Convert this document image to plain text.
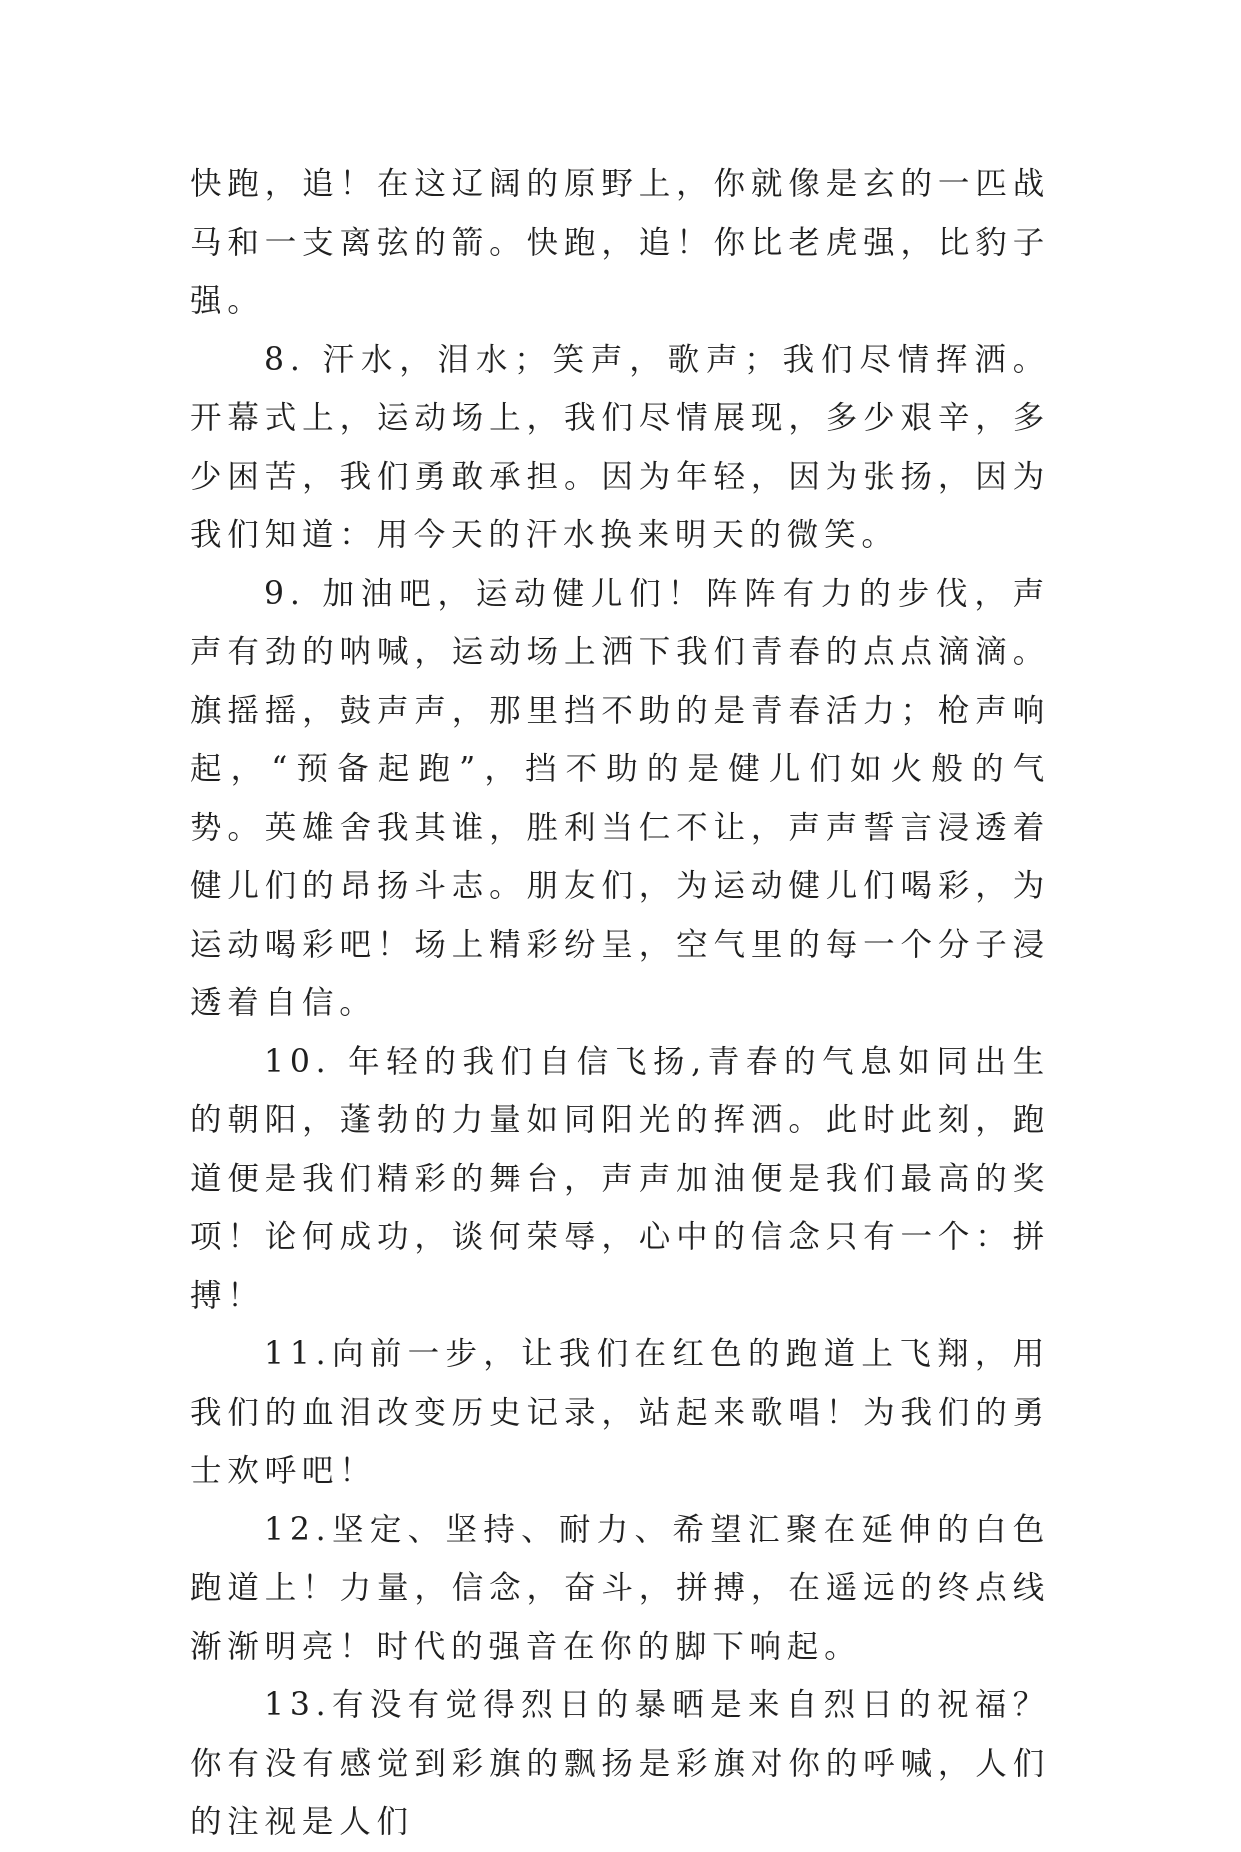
快跑，追！在这辽阔的原野上，你就像是玄的一匹战马和一支离弦的箭。快跑，追！你比老虎强，比豹子强。

8. 汗水，泪水；笑声，歌声；我们尽情挥洒。开幕式上，运动场上，我们尽情展现，多少艰辛，多少困苦，我们勇敢承担。因为年轻，因为张扬，因为我们知道：用今天的汗水换来明天的微笑。

9. 加油吧，运动健儿们！阵阵有力的步伐，声声有劲的呐喊，运动场上洒下我们青春的点点滴滴。旗摇摇，鼓声声，那里挡不助的是青春活力；枪声响起，“预备起跑”，挡不助的是健儿们如火般的气势。英雄舍我其谁，胜利当仁不让，声声誓言浸透着健儿们的昂扬斗志。朋友们，为运动健儿们喝彩，为运动喝彩吧！场上精彩纷呈，空气里的每一个分子浸透着自信。

10. 年轻的我们自信飞扬,青春的气息如同出生的朝阳，蓬勃的力量如同阳光的挥洒。此时此刻，跑道便是我们精彩的舞台，声声加油便是我们最高的奖项！论何成功，谈何荣辱，心中的信念只有一个：拼搏！

11.向前一步，让我们在红色的跑道上飞翔，用我们的血泪改变历史记录，站起来歌唱！为我们的勇士欢呼吧！

12.坚定、坚持、耐力、希望汇聚在延伸的白色跑道上！力量，信念，奋斗，拼搏，在遥远的终点线渐渐明亮！时代的强音在你的脚下响起。

13.有没有觉得烈日的暴晒是来自烈日的祝福？你有没有感觉到彩旗的飘扬是彩旗对你的呼喊，人们的注视是人们
